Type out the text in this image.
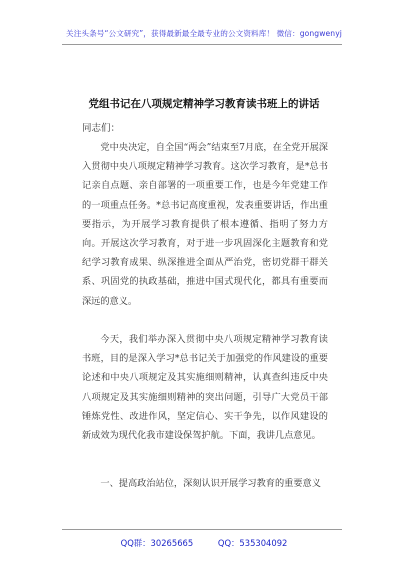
关注头条号“公文研究”，获得最新最全最专业的公文资料库！ 微信：gongwenyj
党组书记在八项规定精神学习教育读书班上的讲话
同志们：

党中央决定，自全国“两会”结束至7月底，在全党开展深入贯彻中央八项规定精神学习教育。这次学习教育，是*总书记亲自点题、亲自部署的一项重要工作，也是今年党建工作的一项重点任务。*总书记高度重视，发表重要讲话，作出重要指示，为开展学习教育提供了根本遵循、指明了努力方向。开展这次学习教育，对于进一步巩固深化主题教育和党纪学习教育成果、纵深推进全面从严治党，密切党群干群关系、巩固党的执政基础，推进中国式现代化，都具有重要而深远的意义。

今天，我们举办深入贯彻中央八项规定精神学习教育读书班，目的是深入学习*总书记关于加强党的作风建设的重要论述和中央八项规定及其实施细则精神，认真查纠违反中央八项规定及其实施细则精神的突出问题，引导广大党员干部锤炼党性、改进作风，坚定信心、实干争先，以作风建设的新成效为现代化我市建设保驾护航。下面，我讲几点意见。

一、提高政治站位，深刻认识开展学习教育的重要意义

QQ群：30265665	QQ：535304092
